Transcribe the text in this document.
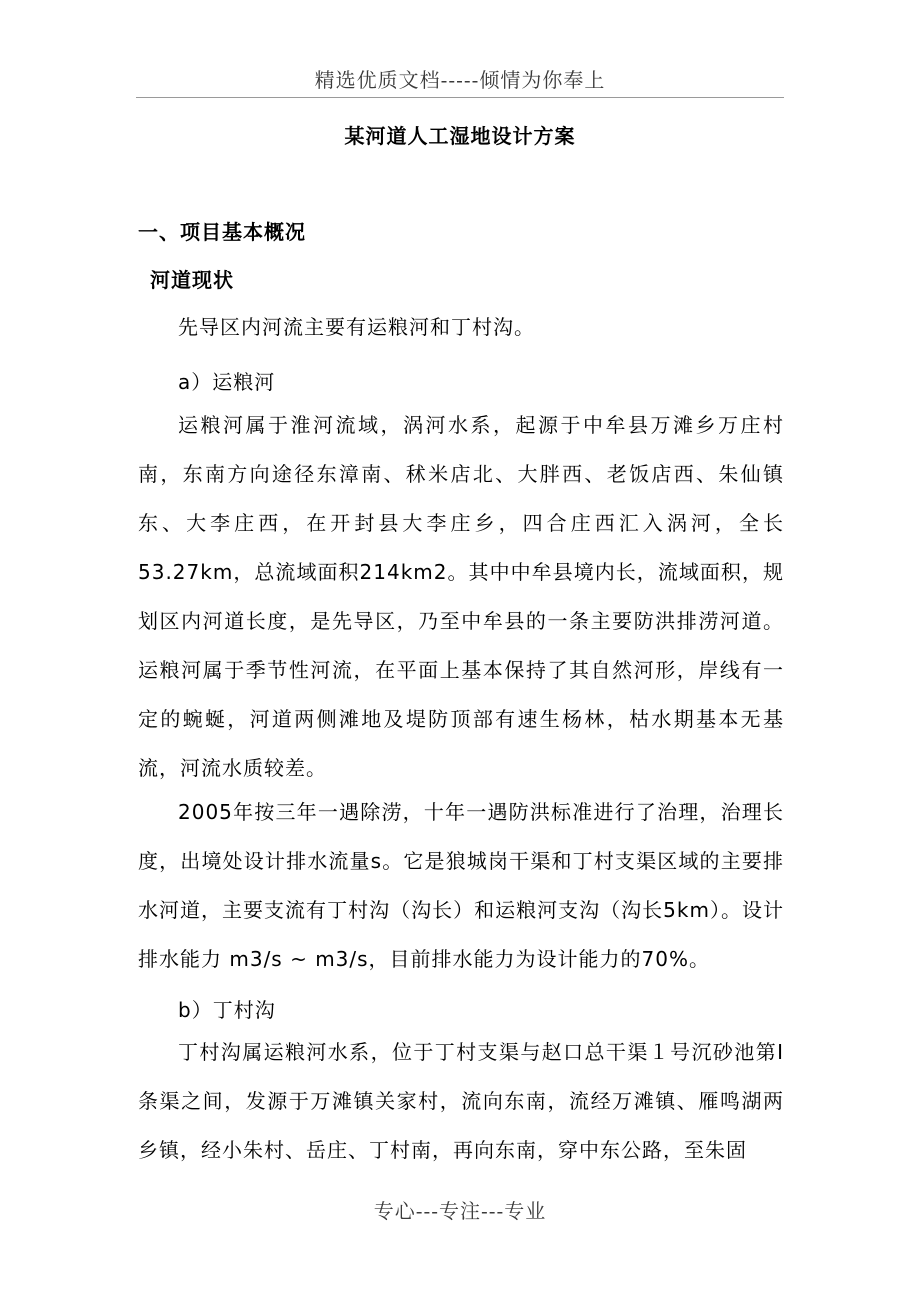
精选优质文档-----倾情为你奉上
某河道人工湿地设计方案
一、项目基本概况
河道现状

先导区内河流主要有运粮河和丁村沟。

a）运粮河

运粮河属于淮河流域，涡河水系，起源于中牟县万滩乡万庄村南，东南方向途径东漳南、秫米店北、大胖西、老饭店西、朱仙镇东、大李庄西，在开封县大李庄乡，四合庄西汇入涡河，全长53.27km，总流域面积214km2。其中中牟县境内长，流域面积，规划区内河道长度，是先导区，乃至中牟县的一条主要防洪排涝河道。运粮河属于季节性河流，在平面上基本保持了其自然河形，岸线有一定的蜿蜒，河道两侧滩地及堤防顶部有速生杨林，枯水期基本无基流，河流水质较差。

2005年按三年一遇除涝，十年一遇防洪标准进行了治理，治理长度，出境处设计排水流量s。它是狼城岗干渠和丁村支渠区域的主要排水河道，主要支流有丁村沟（沟长）和运粮河支沟（沟长5km）。设计排水能力 m3/s ~ m3/s，目前排水能力为设计能力的70%。

b）丁村沟

丁村沟属运粮河水系，位于丁村支渠与赵口总干渠１号沉砂池第Ⅰ条渠之间，发源于万滩镇关家村，流向东南，流经万滩镇、雁鸣湖两乡镇，经小朱村、岳庄、丁村南，再向东南，穿中东公路，至朱固

专心---专注---专业
